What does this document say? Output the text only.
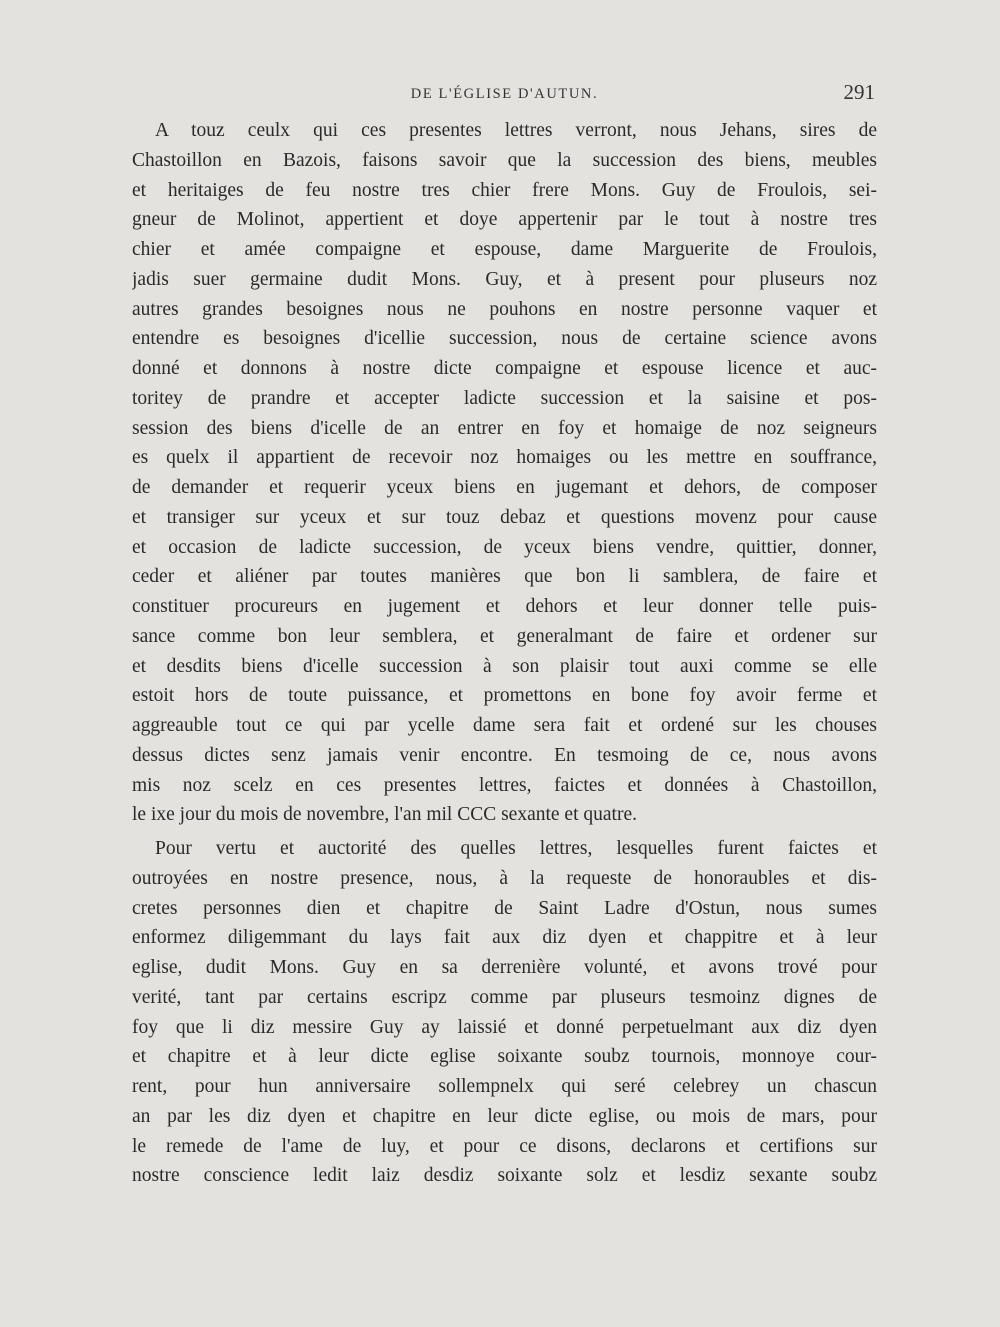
DE L'ÉGLISE D'AUTUN.	291

A touz ceulx qui ces presentes lettres verront, nous Jehans, sires de
Chastoillon en Bazois, faisons savoir que la succession des biens, meubles
et heritaiges de feu nostre tres chier frere Mons. Guy de Froulois, sei-
gneur de Molinot, appertient et doye appertenir par le tout à nostre tres
chier et amée compaigne et espouse, dame Marguerite de Froulois,
jadis suer germaine dudit Mons. Guy, et à present pour pluseurs noz
autres grandes besoignes nous ne pouhons en nostre personne vaquer et
entendre es besoignes d'icellie succession, nous de certaine science avons
donné et donnons à nostre dicte compaigne et espouse licence et auc-
toritey de prandre et accepter ladicte succession et la saisine et pos-
session des biens d'icelle de an entrer en foy et homaige de noz seigneurs
es quelx il appartient de recevoir noz homaiges ou les mettre en souffrance,
de demander et requerir yceux biens en jugemant et dehors, de composer
et transiger sur yceux et sur touz debaz et questions movenz pour cause
et occasion de ladicte succession, de yceux biens vendre, quittier, donner,
ceder et aliéner par toutes manières que bon li samblera, de faire et
constituer procureurs en jugement et dehors et leur donner telle puis-
sance comme bon leur semblera, et generalmant de faire et ordener sur
et desdits biens d'icelle succession à son plaisir tout auxi comme se elle
estoit hors de toute puissance, et promettons en bone foy avoir ferme et
aggreauble tout ce qui par ycelle dame sera fait et ordené sur les chouses
dessus dictes senz jamais venir encontre. En tesmoing de ce, nous avons
mis noz scelz en ces presentes lettres, faictes et données à Chastoillon,
le ixe jour du mois de novembre, l'an mil CCC sexante et quatre.

Pour vertu et auctorité des quelles lettres, lesquelles furent faictes et
outroyées en nostre presence, nous, à la requeste de honoraubles et dis-
cretes personnes dien et chapitre de Saint Ladre d'Ostun, nous sumes
enformez diligemmant du lays fait aux diz dyen et chappitre et à leur
eglise, dudit Mons. Guy en sa derrenière volunté, et avons trové pour
verité, tant par certains escripz comme par pluseurs tesmoinz dignes de
foy que li diz messire Guy ay laissié et donné perpetuelmant aux diz dyen
et chapitre et à leur dicte eglise soixante soubz tournois, monnoye cour-
rent, pour hun anniversaire sollempnelx qui seré celebrey un chascun
an par les diz dyen et chapitre en leur dicte eglise, ou mois de mars, pour
le remede de l'ame de luy, et pour ce disons, declarons et certifions sur
nostre conscience ledit laiz desdiz soixante solz et lesdiz sexante soubz
